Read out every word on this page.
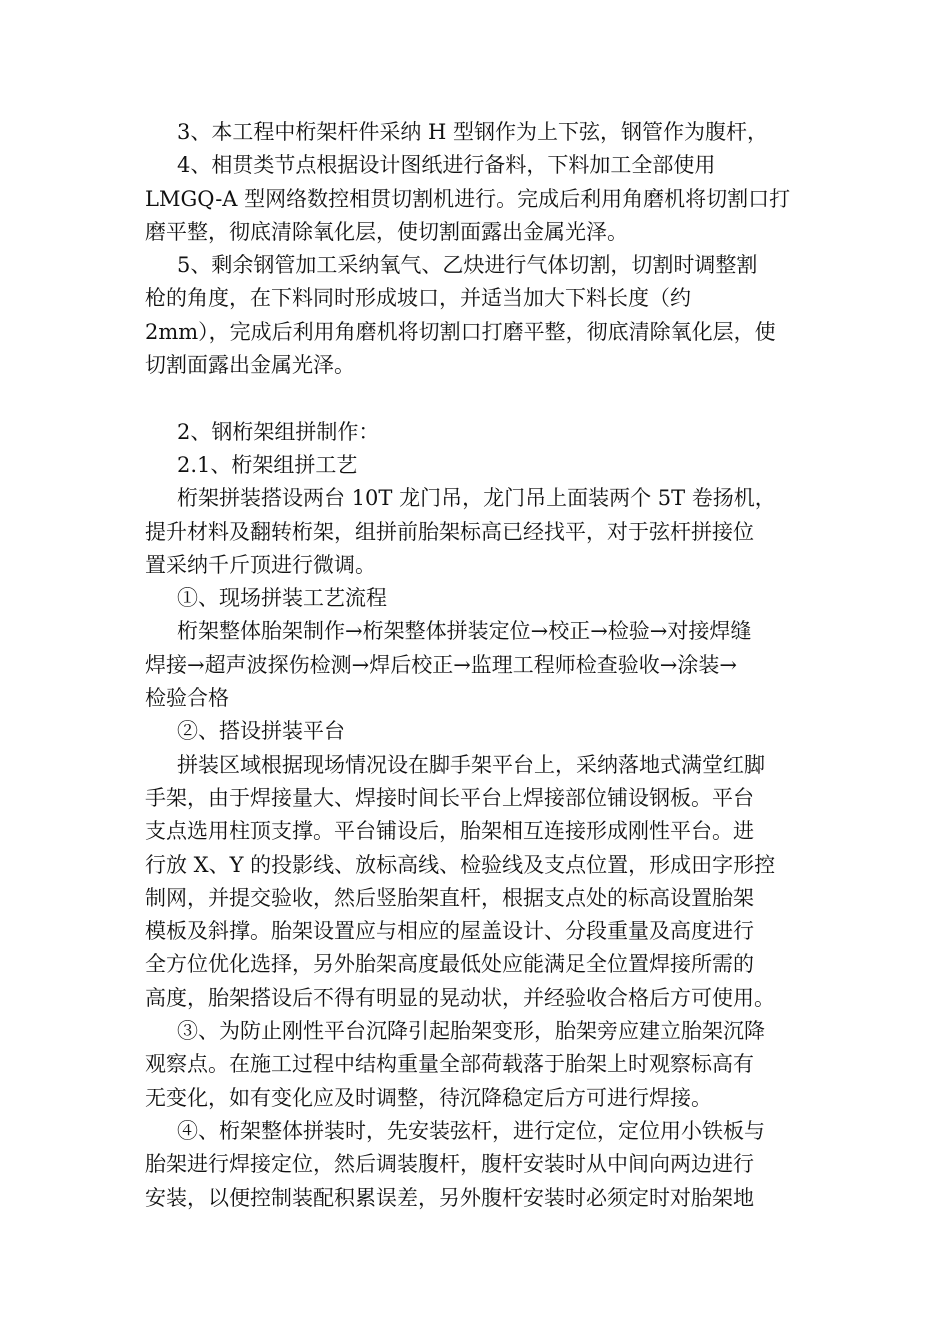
3、本工程中桁架杆件采纳 H 型钢作为上下弦，钢管作为腹杆，
4、相贯类节点根据设计图纸进行备料，下料加工全部使用
LMGQ-A 型网络数控相贯切割机进行。完成后利用角磨机将切割口打
磨平整，彻底清除氧化层，使切割面露出金属光泽。
5、剩余钢管加工采纳氧气、乙炔进行气体切割，切割时调整割
枪的角度，在下料同时形成坡口，并适当加大下料长度（约
2mm），完成后利用角磨机将切割口打磨平整，彻底清除氧化层，使
切割面露出金属光泽。
2、钢桁架组拼制作：
2.1、桁架组拼工艺
桁架拼装搭设两台 10T 龙门吊，龙门吊上面装两个 5T 卷扬机，
提升材料及翻转桁架，组拼前胎架标高已经找平，对于弦杆拼接位
置采纳千斤顶进行微调。
①、现场拼装工艺流程
桁架整体胎架制作→桁架整体拼装定位→校正→检验→对接焊缝
焊接→超声波探伤检测→焊后校正→监理工程师检查验收→涂装→
检验合格
②、搭设拼装平台
拼装区域根据现场情况设在脚手架平台上，采纳落地式满堂红脚
手架，由于焊接量大、焊接时间长平台上焊接部位铺设钢板。平台
支点选用柱顶支撑。平台铺设后，胎架相互连接形成刚性平台。进
行放 X、Y 的投影线、放标高线、检验线及支点位置，形成田字形控
制网，并提交验收，然后竖胎架直杆，根据支点处的标高设置胎架
模板及斜撑。胎架设置应与相应的屋盖设计、分段重量及高度进行
全方位优化选择，另外胎架高度最低处应能满足全位置焊接所需的
高度，胎架搭设后不得有明显的晃动状，并经验收合格后方可使用。
③、为防止刚性平台沉降引起胎架变形，胎架旁应建立胎架沉降
观察点。在施工过程中结构重量全部荷载落于胎架上时观察标高有
无变化，如有变化应及时调整，待沉降稳定后方可进行焊接。
④、桁架整体拼装时，先安装弦杆，进行定位，定位用小铁板与
胎架进行焊接定位，然后调装腹杆，腹杆安装时从中间向两边进行
安装，以便控制装配积累误差，另外腹杆安装时必须定时对胎架地
